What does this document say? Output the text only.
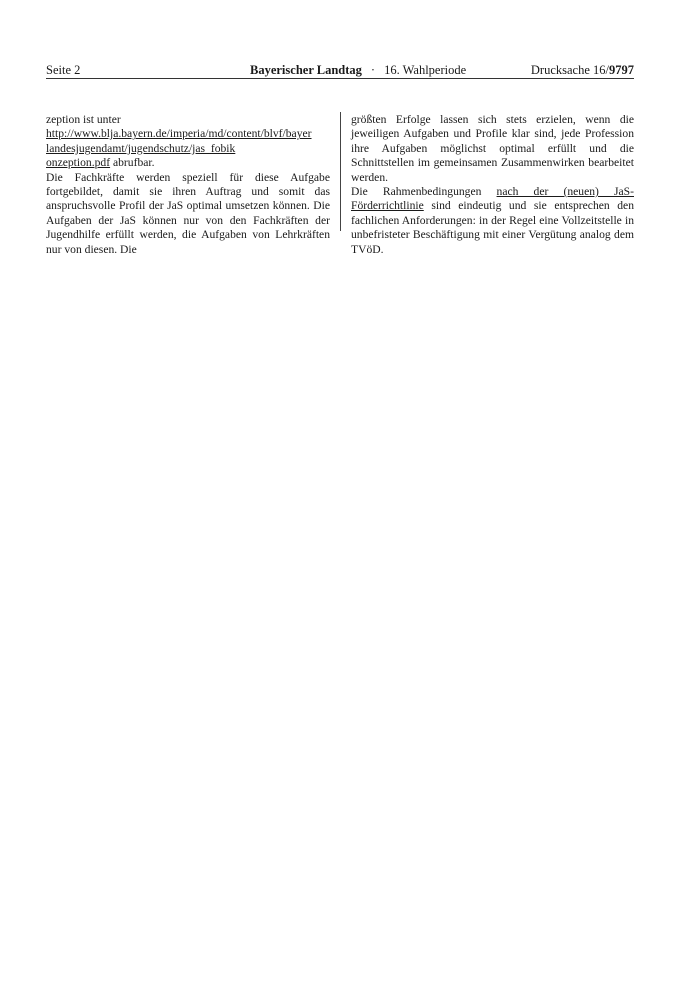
Seite 2	Bayerischer Landtag · 16. Wahlperiode	Drucksache 16/9797

zeption ist unter

http://www.blja.bayern.de/imperia/md/content/blvf/bayer

landesjugendamt/jugendschutz/jas_fobik

onzeption.pdf abrufbar.

Die Fachkräfte werden speziell für diese Aufgabe fortgebildet, damit sie ihren Auftrag und somit das anspruchsvolle Profil der JaS optimal umsetzen können. Die Aufgaben der JaS können nur von den Fachkräften der Jugendhilfe erfüllt werden, die Aufgaben von Lehrkräften nur von diesen. Die

größten Erfolge lassen sich stets erzielen, wenn die jeweiligen Aufgaben und Profile klar sind, jede Profession ihre Aufgaben möglichst optimal erfüllt und die Schnittstellen im gemeinsamen Zusammenwirken bearbeitet werden.

Die Rahmenbedingungen nach der (neuen) JaS-Förderrichtlinie sind eindeutig und sie entsprechen den fachlichen Anforderungen: in der Regel eine Vollzeitstelle in unbefristeter Beschäftigung mit einer Vergütung analog dem TVöD.
